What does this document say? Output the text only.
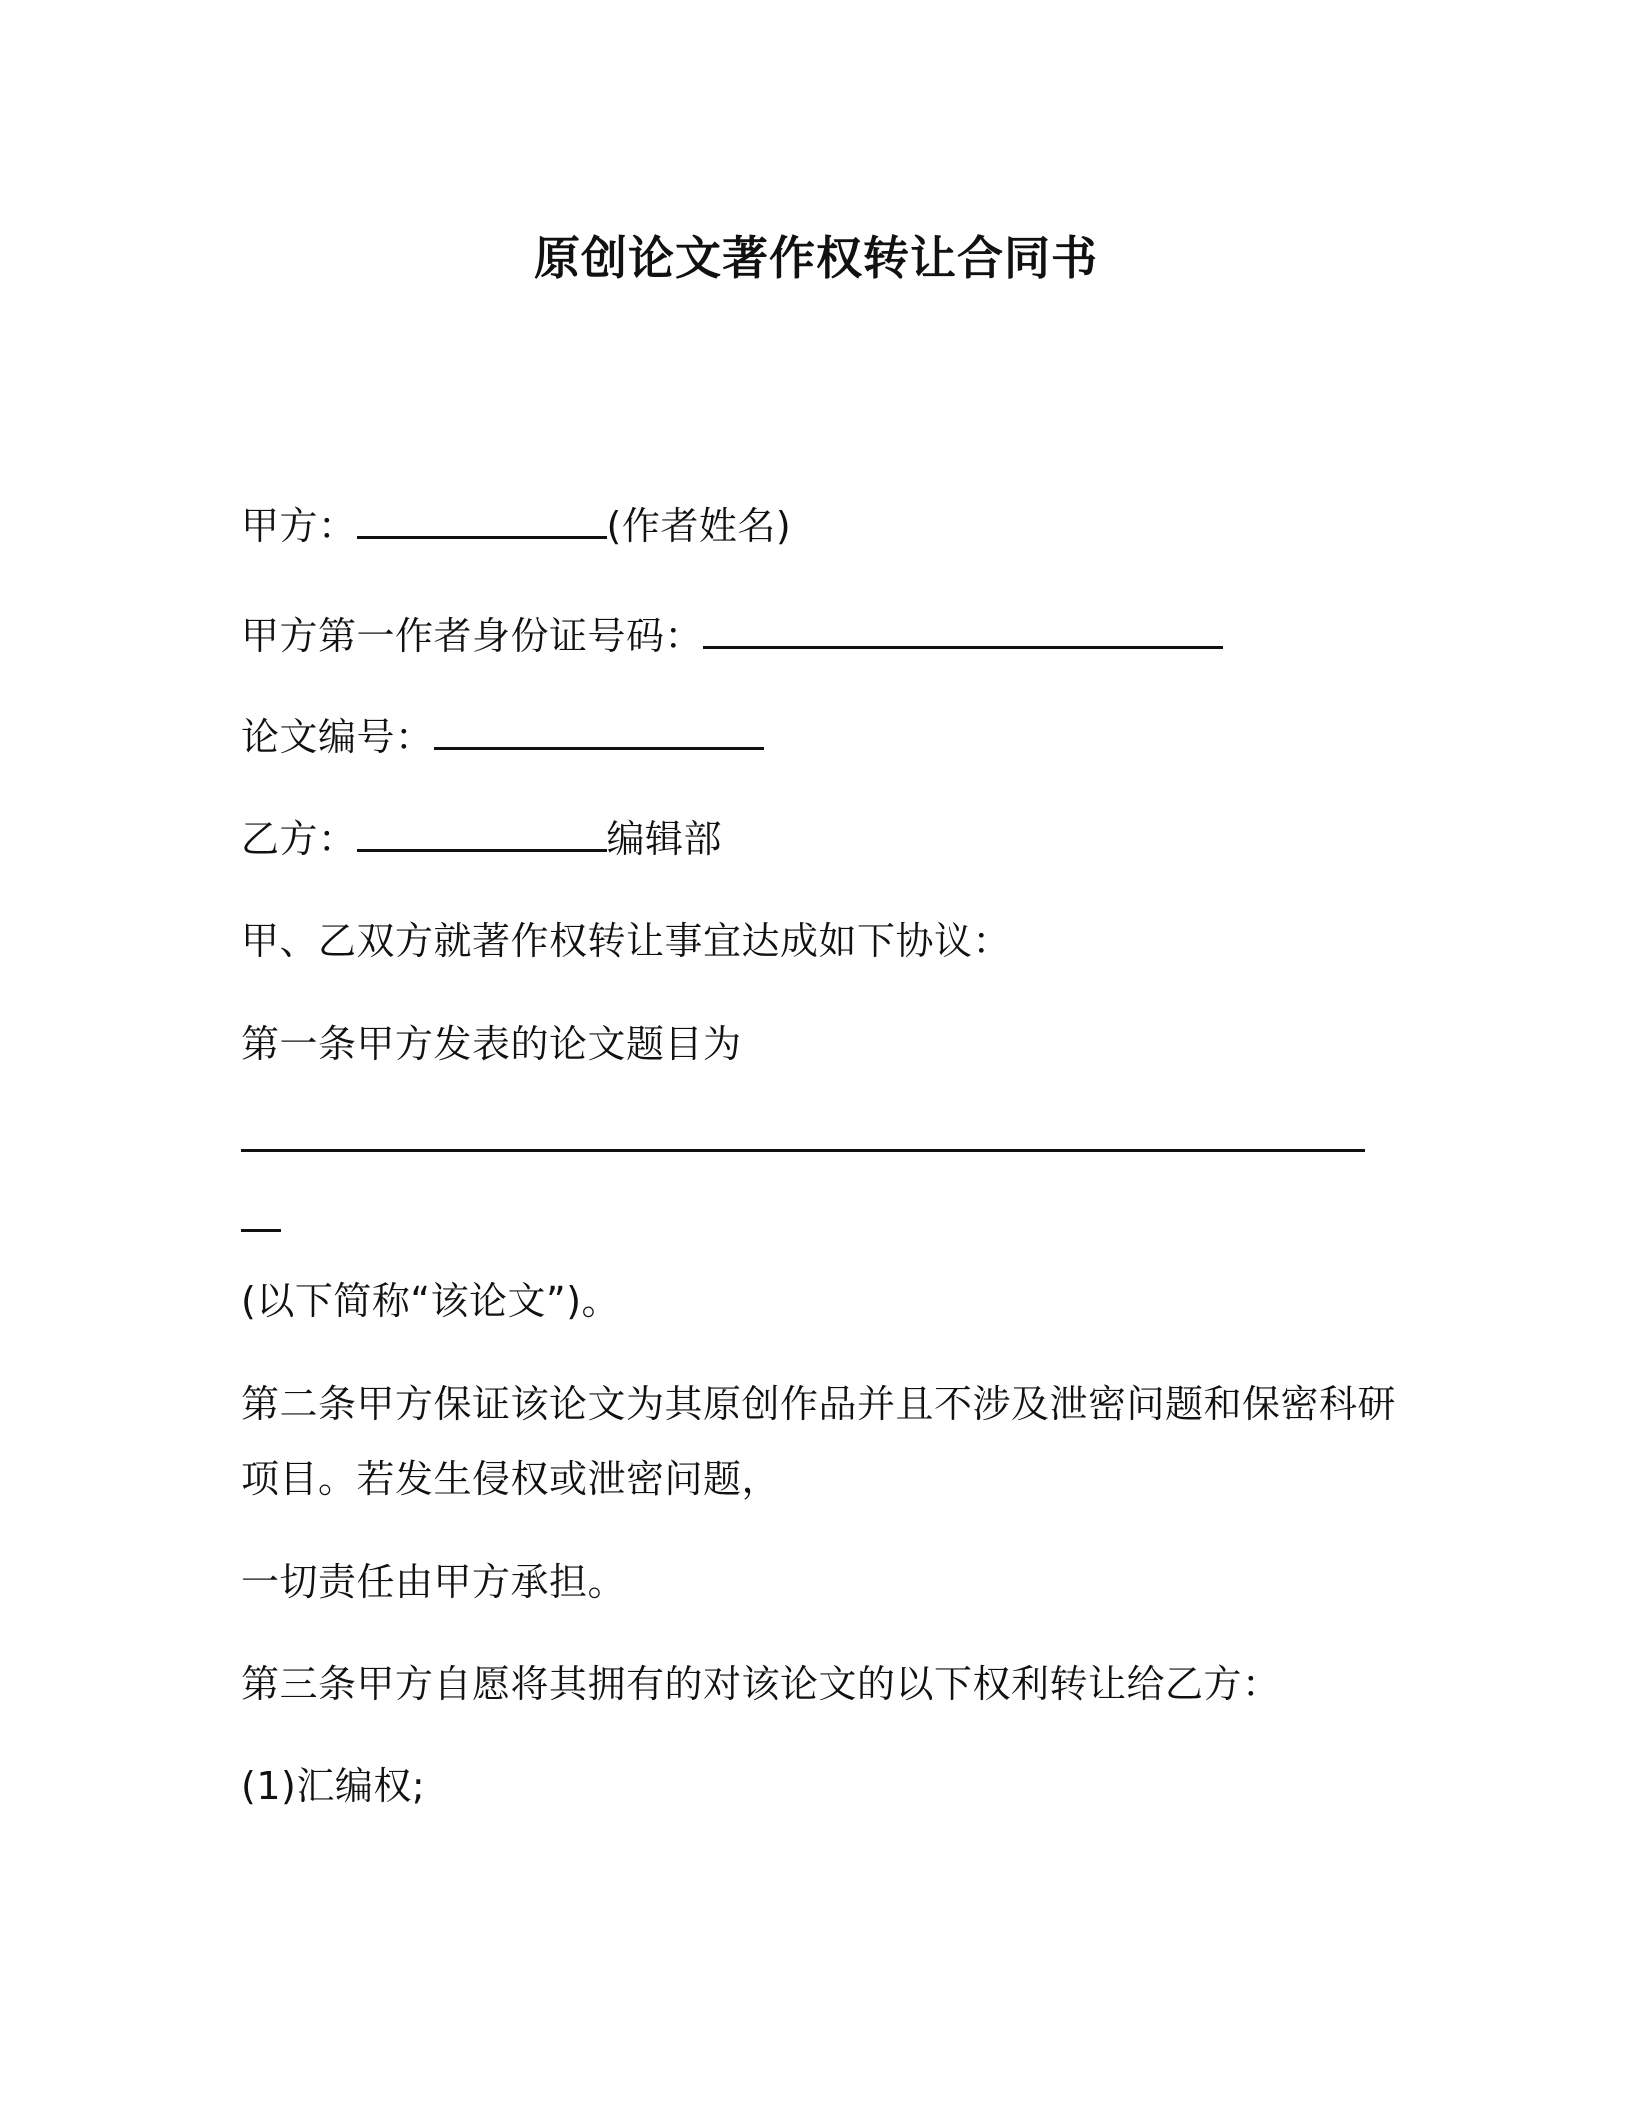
原创论文著作权转让合同书
甲方：	(作者姓名)
甲方第一作者身份证号码：
论文编号：
乙方：	编辑部
甲、乙双方就著作权转让事宜达成如下协议：
第一条甲方发表的论文题目为
(以下简称“该论文”)。
第二条甲方保证该论文为其原创作品并且不涉及泄密问题和保密科研
项目。若发生侵权或泄密问题，
一切责任由甲方承担。
第三条甲方自愿将其拥有的对该论文的以下权利转让给乙方：
(1)汇编权;
